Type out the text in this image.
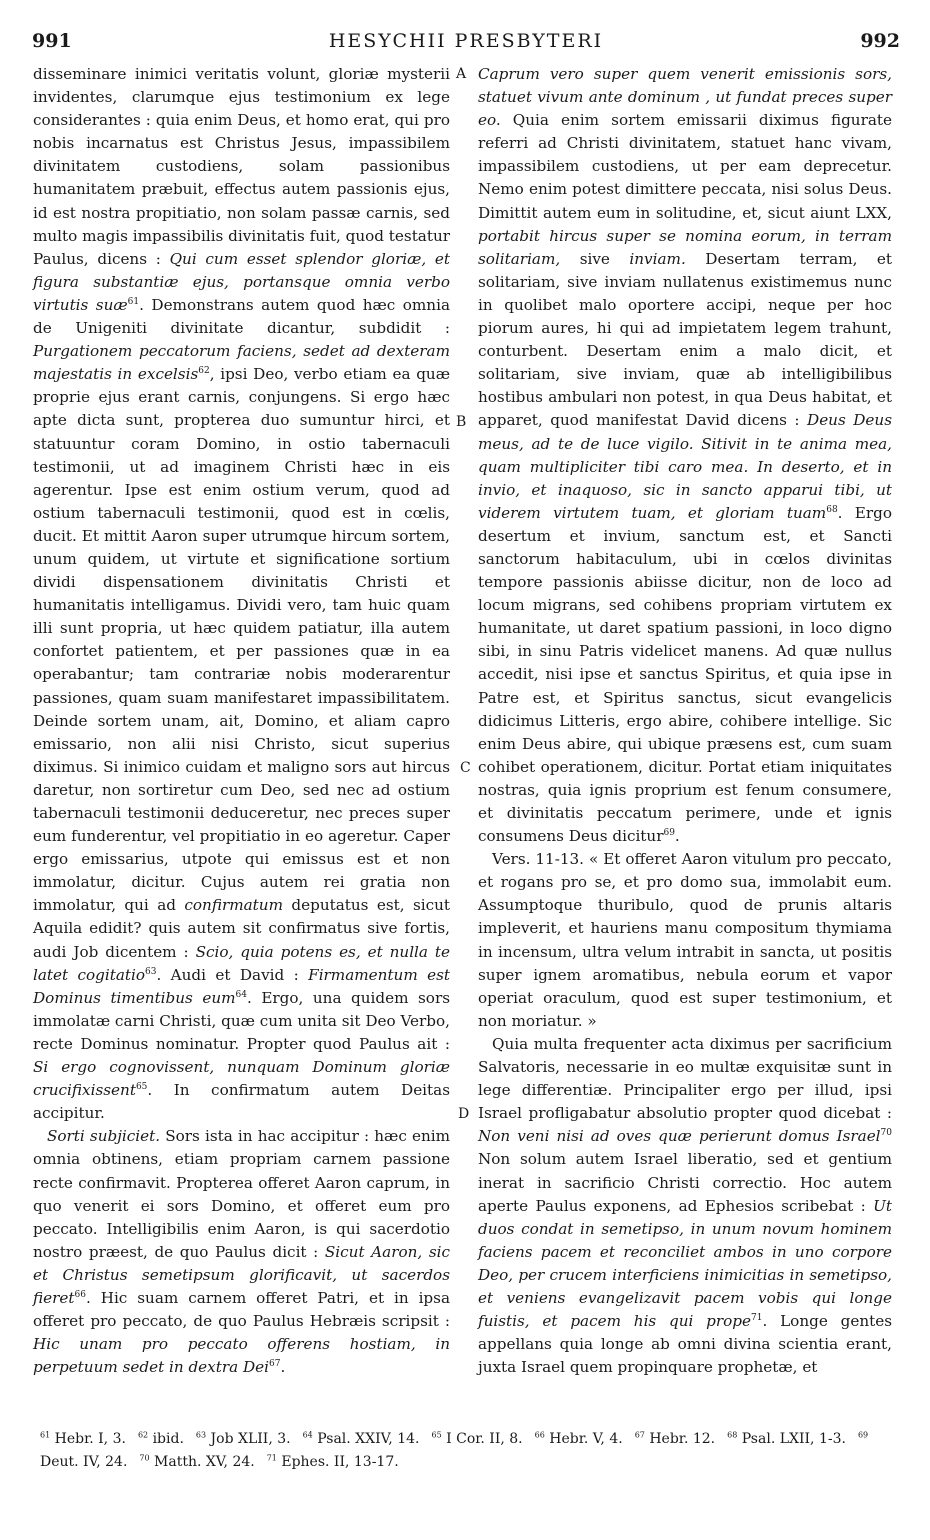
991	HESYCHII PRESBYTERI	992

disseminare inimici veritatis volunt, gloriæ mysterii invidentes, clarumque ejus testimonium ex lege considerantes : quia enim Deus, et homo erat, qui pro nobis incarnatus est Christus Jesus, impassibilem divinitatem custodiens, solam passionibus humanitatem præbuit, effectus autem passionis ejus, id est nostra propitiatio, non solam passæ carnis, sed multo magis impassibilis divinitatis fuit, quod testatur Paulus, dicens : Qui cum esset splendor gloriæ, et figura substantiæ ejus, portansque omnia verbo virtutis suæ$^{61}$. Demonstrans autem quod hæc omnia de Unigeniti divinitate dicantur, subdidit : Purgationem peccatorum faciens, sedet ad dexteram majestatis in excelsis$^{62}$, ipsi Deo, verbo etiam ea quæ proprie ejus erant carnis, conjungens. Si ergo hæc apte dicta sunt, propterea duo sumuntur hirci, et statuuntur coram Domino, in ostio tabernaculi testimonii, ut ad imaginem Christi hæc in eis agerentur. Ipse est enim ostium verum, quod ad ostium tabernaculi testimonii, quod est in cœlis, ducit. Et mittit Aaron super utrumque hircum sortem, unum quidem, ut virtute et significatione sortium dividi dispensationem divinitatis Christi et humanitatis intelligamus. Dividi vero, tam huic quam illi sunt propria, ut hæc quidem patiatur, illa autem confortet patientem, et per passiones quæ in ea operabantur; tam contrariæ nobis moderarentur passiones, quam suam manifestaret impassibilitatem. Deinde sortem unam, ait, Domino, et aliam capro emissario, non alii nisi Christo, sicut superius diximus. Si inimico cuidam et maligno sors aut hircus daretur, non sortiretur cum Deo, sed nec ad ostium tabernaculi testimonii deduceretur, nec preces super eum funderentur, vel propitiatio in eo ageretur. Caper ergo emissarius, utpote qui emissus est et non immolatur, dicitur. Cujus autem rei gratia non immolatur, qui ad confirmatum deputatus est, sicut Aquila edidit? quis autem sit confirmatus sive fortis, audi Job dicentem : Scio, quia potens es, et nulla te latet cogitatio$^{63}$. Audi et David : Firmamentum est Dominus timentibus eum$^{64}$. Ergo, una quidem sors immolatæ carni Christi, quæ cum unita sit Deo Verbo, recte Dominus nominatur. Propter quod Paulus ait : Si ergo cognovissent, nunquam Dominum gloriæ crucifixissent$^{65}$. In confirmatum autem Deitas accipitur.

Sorti subjiciet. Sors ista in hac accipitur : hæc enim omnia obtinens, etiam propriam carnem passione recte confirmavit. Propterea offeret Aaron caprum, in quo venerit ei sors Domino, et offeret eum pro peccato. Intelligibilis enim Aaron, is qui sacerdotio nostro præest, de quo Paulus dicit : Sicut Aaron, sic et Christus semetipsum glorificavit, ut sacerdos fieret$^{66}$. Hic suam carnem offeret Patri, et in ipsa offeret pro peccato, de quo Paulus Hebræis scripsit : Hic unam pro peccato offerens hostiam, in perpetuum sedet in dextra Dei$^{67}$.

Caprum vero super quem venerit emissionis sors, statuet vivum ante dominum , ut fundat preces super eo. Quia enim sortem emissarii diximus figurate referri ad Christi divinitatem, statuet hanc vivam, impassibilem custodiens, ut per eam deprecetur. Nemo enim potest dimittere peccata, nisi solus Deus. Dimittit autem eum in solitudine, et, sicut aiunt LXX, portabit hircus super se nomina eorum, in terram solitariam, sive inviam. Desertam terram, et solitariam, sive inviam nullatenus existimemus nunc in quolibet malo oportere accipi, neque per hoc piorum aures, hi qui ad impietatem legem trahunt, conturbent. Desertam enim a malo dicit, et solitariam, sive inviam, quæ ab intelligibilibus hostibus ambulari non potest, in qua Deus habitat, et apparet, quod manifestat David dicens : Deus Deus meus, ad te de luce vigilo. Sitivit in te anima mea, quam multipliciter tibi caro mea. In deserto, et in invio, et inaquoso, sic in sancto apparui tibi, ut viderem virtutem tuam, et gloriam tuam$^{68}$. Ergo desertum et invium, sanctum est, et Sancti sanctorum habitaculum, ubi in cœlos divinitas tempore passionis abiisse dicitur, non de loco ad locum migrans, sed cohibens propriam virtutem ex humanitate, ut daret spatium passioni, in loco digno sibi, in sinu Patris videlicet manens. Ad quæ nullus accedit, nisi ipse et sanctus Spiritus, et quia ipse in Patre est, et Spiritus sanctus, sicut evangelicis didicimus Litteris, ergo abire, cohibere intellige. Sic enim Deus abire, qui ubique præsens est, cum suam cohibet operationem, dicitur. Portat etiam iniquitates nostras, quia ignis proprium est fenum consumere, et divinitatis peccatum perimere, unde et ignis consumens Deus dicitur$^{69}$.

Vers. 11-13. « Et offeret Aaron vitulum pro peccato, et rogans pro se, et pro domo sua, immolabit eum. Assumptoque thuribulo, quod de prunis altaris impleverit, et hauriens manu compositum thymiama in incensum, ultra velum intrabit in sancta, ut positis super ignem aromatibus, nebula eorum et vapor operiat oraculum, quod est super testimonium, et non moriatur. »

Quia multa frequenter acta diximus per sacrificium Salvatoris, necessarie in eo multæ exquisitæ sunt in lege differentiæ. Principaliter ergo per illud, ipsi Israel profligabatur absolutio propter quod dicebat : Non veni nisi ad oves quæ perierunt domus Israel$^{70}$ Non solum autem Israel liberatio, sed et gentium inerat in sacrificio Christi correctio. Hoc autem aperte Paulus exponens, ad Ephesios scribebat : Ut duos condat in semetipso, in unum novum hominem faciens pacem et reconciliet ambos in uno corpore Deo, per crucem interficiens inimicitias in semetipso, et veniens evangelizavit pacem vobis qui longe fuistis, et pacem his qui prope$^{71}$. Longe gentes appellans quia longe ab omni divina scientia erant, juxta Israel quem propinquare prophetæ, et

A
B
C
D
$^{61}$ Hebr. I, 3. $^{62}$ ibid. $^{63}$ Job XLII, 3. $^{64}$ Psal. XXIV, 14. $^{65}$ I Cor. II, 8. $^{66}$ Hebr. V, 4. $^{67}$ Hebr. 12. $^{68}$ Psal. LXII, 1-3. $^{69}$ Deut. IV, 24. $^{70}$ Matth. XV, 24. $^{71}$ Ephes. II, 13-17.
